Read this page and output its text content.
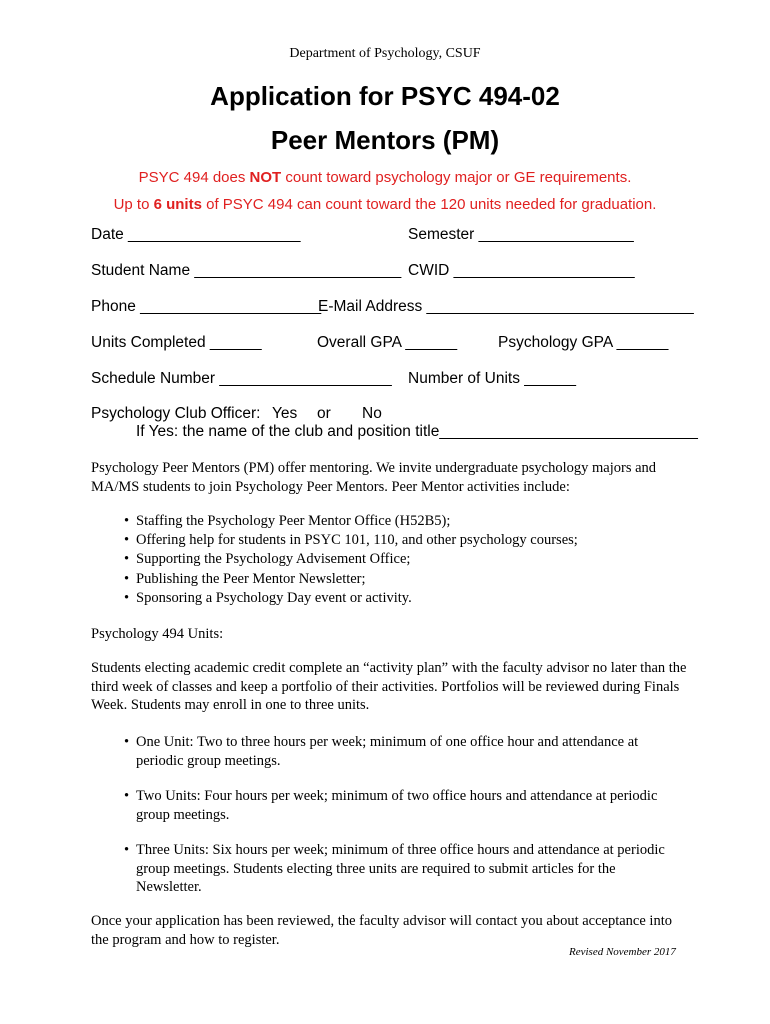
Department of Psychology, CSUF
Application for PSYC 494-02
Peer Mentors (PM)
PSYC 494 does NOT count toward psychology major or GE requirements.
Up to 6 units of PSYC 494 can count toward the 120 units needed for graduation.
Date ____________________	Semester __________________
Student Name ________________________ CWID _____________________
Phone _____________________
E-Mail Address _______________________________
Units Completed ______	Overall GPA ______	Psychology GPA ______
Schedule Number ____________________ Number of Units ______
Psychology Club Officer: Yes or No
If Yes: the name of the club and position title______________________________
Psychology Peer Mentors (PM) offer mentoring. We invite undergraduate psychology majors and MA/MS students to join Psychology Peer Mentors. Peer Mentor activities include:
• Staffing the Psychology Peer Mentor Office (H52B5);
• Offering help for students in PSYC 101, 110, and other psychology courses;
• Supporting the Psychology Advisement Office;
• Publishing the Peer Mentor Newsletter;
• Sponsoring a Psychology Day event or activity.
Psychology 494 Units:
Students electing academic credit complete an “activity plan” with the faculty advisor no later than the third week of classes and keep a portfolio of their activities. Portfolios will be reviewed during Finals Week. Students may enroll in one to three units.
• One Unit: Two to three hours per week; minimum of one office hour and attendance at periodic group meetings.
• Two Units: Four hours per week; minimum of two office hours and attendance at periodic group meetings.
• Three Units: Six hours per week; minimum of three office hours and attendance at periodic group meetings. Students electing three units are required to submit articles for the Newsletter.
Once your application has been reviewed, the faculty advisor will contact you about acceptance into the program and how to register.
Revised November 2017
